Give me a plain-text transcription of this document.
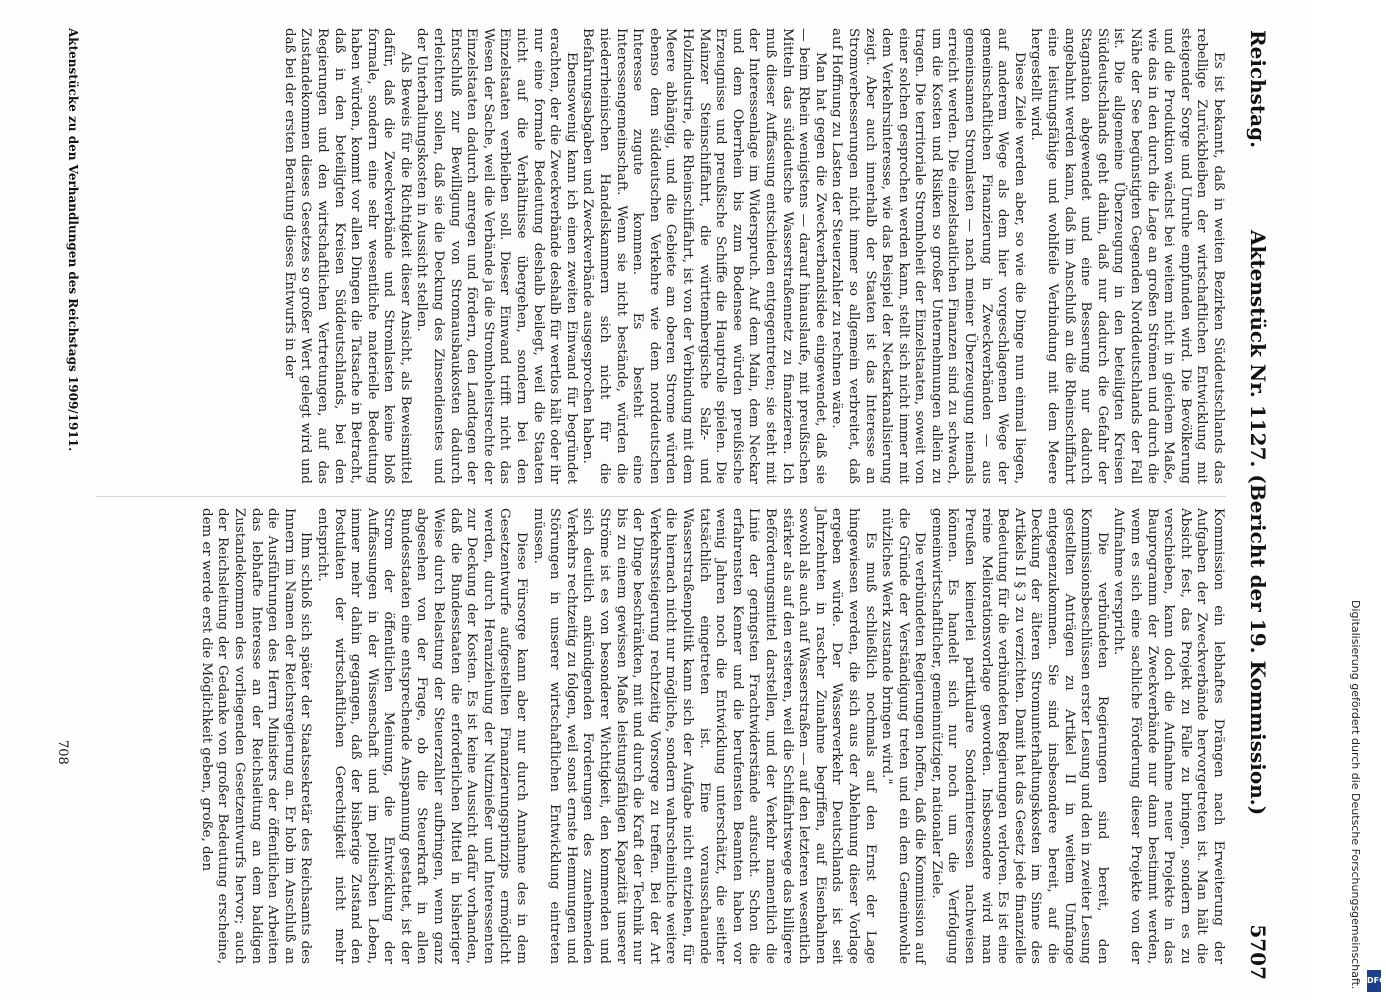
Reichstag.
Aktenstück Nr. 1127. (Bericht der 19. Kommission.)
5707

Es ist bekannt, daß in weiten Bezirken Süddeutschlands das rebellige Zurückbleiben der wirtschaftlichen Entwicklung mit steigender Sorge und Unruhe empfunden wird. Die Bevölkerung und die Produktion wächst bei weitem nicht in gleichem Maße, wie das in den durch die Lage an großen Strömen und durch die Nähe der See begünstigten Gegenden Norddeutschlands der Fall ist. Die allgemeine Überzeugung in den beteiligten Kreisen Süddeutschlands geht dahin, daß nur dadurch die Gefahr der Stagnation abgewendet und eine Besserung nur dadurch angebahnt werden kann, daß im Anschluß an die Rheinschiffahrt eine leistungsfähige und wohlfeile Verbindung mit dem Meere hergestellt wird.

Diese Ziele werden aber, so wie die Dinge nun einmal liegen, auf anderem Wege als dem hier vorgeschlagenen Wege der gemeinschaftlichen Finanzierung in Zweckverbänden — aus gemeinsamen Stromlasten — nach meiner Überzeugung niemals erreicht werden. Die einzelstaatlichen Finanzen sind zu schwach, um die Kosten und Risiken so großer Unternehmungen allein zu tragen. Die territoriale Stromhoheit der Einzelstaaten, soweit von einer solchen gesprochen werden kann, stellt sich nicht immer mit dem Verkehrsinteresse, wie das Beispiel der Neckarkanalisierung zeigt. Aber auch innerhalb der Staaten ist das Interesse an Stromverbesserungen nicht immer so allgemein verbreitet, daß auf Hoffnung zu Lasten der Steuerzahler zu rechnen wäre.

Man hat gegen die Zweckverbandsidee eingewendet, daß sie — beim Rhein wenigstens — darauf hinauslaufe, mit preußischen Mitteln das süddeutsche Wasserstraßennetz zu finanzieren. Ich muß dieser Auffassung entschieden entgegentreten; sie steht mit der Interessenlage im Widerspruch. Auf dem Main, dem Neckar und dem Oberrhein bis zum Bodensee würden preußische Erzeugnisse und preußische Schiffe die Hauptrolle spielen. Die Mainzer Steinschiffahrt, die württembergische Salz- und Holzindustrie, die Rheinschiffahrt, ist von der Verbindung mit dem Meere abhängig, und die Gebiete am oberen Strome würden ebenso dem süddeutschen Verkehre wie dem norddeutschen Interesse zugute kommen. Es besteht eine Interessengemeinschaft. Wenn sie nicht bestände, würden die niederrheinischen Handelskammern sich nicht für die Befahrungsabgaben und Zweckverbände ausgesprochen haben.

Ebensowenig kann ich einen zweiten Einwand für begründet erachten, der die Zweckverbände deshalb für wertlos hält oder ihr nur eine formale Bedeutung deshalb beilegt, weil die Staaten nicht auf die Verhältnisse übergehen, sondern bei den Einzelstaaten verbleiben soll. Dieser Einwand trifft nicht das Wesen der Sache, weil die Verbände ja die Stromhoheitsrechte der Einzelstaaten dadurch anregen und fördern, den Landtagen der Entschluß zur Bewilligung von Stromausbaukosten dadurch erleichtern sollen, daß sie die Deckung des Zinsendienstes und der Unterhaltungskosten in Aussicht stellen.

Als Beweis für die Richtigkeit dieser Ansicht, als Beweismittel dafür, daß die Zweckverbände und Stromlasten keine bloß formale, sondern eine sehr wesentliche materielle Bedeutung haben würden, kommt vor allen Dingen die Tatsache in Betracht, daß in den beteiligten Kreisen Süddeutschlands, bei den Regierungen und den wirtschaftlichen Vertretungen, auf das Zustandekommen dieses Gesetzes so großer Wert gelegt wird und daß bei der ersten Beratung dieses Entwurfs in der

Kommission ein lebhaftes Drängen nach Erweiterung der Aufgaben der Zweckverbände hervorgetreten ist. Man hält die Absicht fest, das Projekt zu Falle zu bringen, sondern es zu verschieben, kann doch die Aufnahme neuer Projekte in das Bauprogramm der Zweckverbände nur dann bestimmt werden, wenn es sich eine sachliche Förderung dieser Projekte von der Aufnahme verspricht.

Die verbündeten Regierungen sind bereit, den Kommissionsbeschlüssen erster Lesung und den in zweiter Lesung gestellten Anträgen zu Artikel II in weitem Umfange entgegenzukommen. Sie sind insbesondere bereit, auf die Deckung der älteren Stromunterhaltungskosten im Sinne des Artikels II § 3 zu verzichten. Damit hat das Gesetz jede finanzielle Bedeutung für die verbündeten Regierungen verloren. Es ist eine reine Meliorationsvorlage geworden. Insbesondere wird man Preußen keinerlei partikulare Sonderinteressen nachweisen können. Es handelt sich nur noch um die Verfolgung gemeinwirtschaftlicher, gemeinnütziger, nationaler Ziele.

Die verbündeten Regierungen hoffen, daß die Kommission auf die Gründe der Verständigung treten und ein dem Gemeinwohle nützliches Werk zustande bringen wird."

Es muß schließlich nochmals auf den Ernst der Lage hingewiesen werden, die sich aus der Ablehnung dieser Vorlage ergeben würde. Der Wasserverkehr Deutschlands ist seit Jahrzehnten in rascher Zunahme begriffen, auf Eisenbahnen sowohl als auch auf Wasserstraßen — auf den letzteren wesentlich stärker als auf den ersteren, weil die Schiffahrtswege das billigere Beförderungsmittel darstellen, und der Verkehr namentlich die Linie der geringsten Frachtwiderstände aufsucht. Schon die erfahrensten Kenner und die berufensten Beamten haben vor wenig Jahren noch die Entwicklung unterschätzt, die seither tatsächlich eingetreten ist. Eine vorausschauende Wasserstraßenpolitik kann sich der Aufgabe nicht entziehen, für die hiernach nicht nur mögliche, sondern wahrscheinliche weitere Verkehrssteigerung rechtzeitig Vorsorge zu treffen. Bei der Art der Dinge beschränkten, mit und durch die Kraft der Technik nur bis zu einem gewissen Maße leistungsfähigen Kapazität unserer Ströme ist es von besonderer Wichtigkeit, den kommenden und sich deutlich ankündigenden Forderungen des zunehmenden Verkehrs rechtzeitig zu folgen, weil sonst ernste Hemmungen und Störungen in unserer wirtschaftlichen Entwicklung eintreten müssen.

Diese Fürsorge kann aber nur durch Annahme des in dem Gesetzentwurfe aufgestellten Finanzierungsprinzips ermöglicht werden, durch Heranziehung der Nutznießer und Interessenten zur Deckung der Kosten. Es ist keine Aussicht dafür vorhanden, daß die Bundesstaaten die erforderlichen Mittel in bisheriger Weise durch Belastung der Steuerzahler aufbringen, wenn ganz abgesehen von der Frage, ob die Steuerkraft in allen Bundesstaaten eine entsprechende Anspannung gestattet, ist der Strom der öffentlichen Meinung, die Entwicklung der Auffassungen in der Wissenschaft und im politischen Leben, immer mehr dahin gegangen, daß der bisherige Zustand den Postulaten der wirtschaftlichen Gerechtigkeit nicht mehr entspricht.

Ihm schloß sich später der Staatssekretär des Reichsamts des Innern im Namen der Reichsregierung an. Er hob im Anschluß an die Ausführungen des Herrn Ministers der öffentlichen Arbeiten das lebhafte Interesse an der Reichsleitung an dem baldigen Zustandekommen des vorliegenden Gesetzentwurfs hervor; auch der Reichsleitung der Gedanke von großer Bedeutung erscheine, dem er werde erst die Möglichkeit geben, große, den

Aktenstücke zu den Verhandlungen des Reichstags 1909/1911.
708	Digitalisierung gefördert durch die Deutsche Forschungsgemeinschaft. DFG
